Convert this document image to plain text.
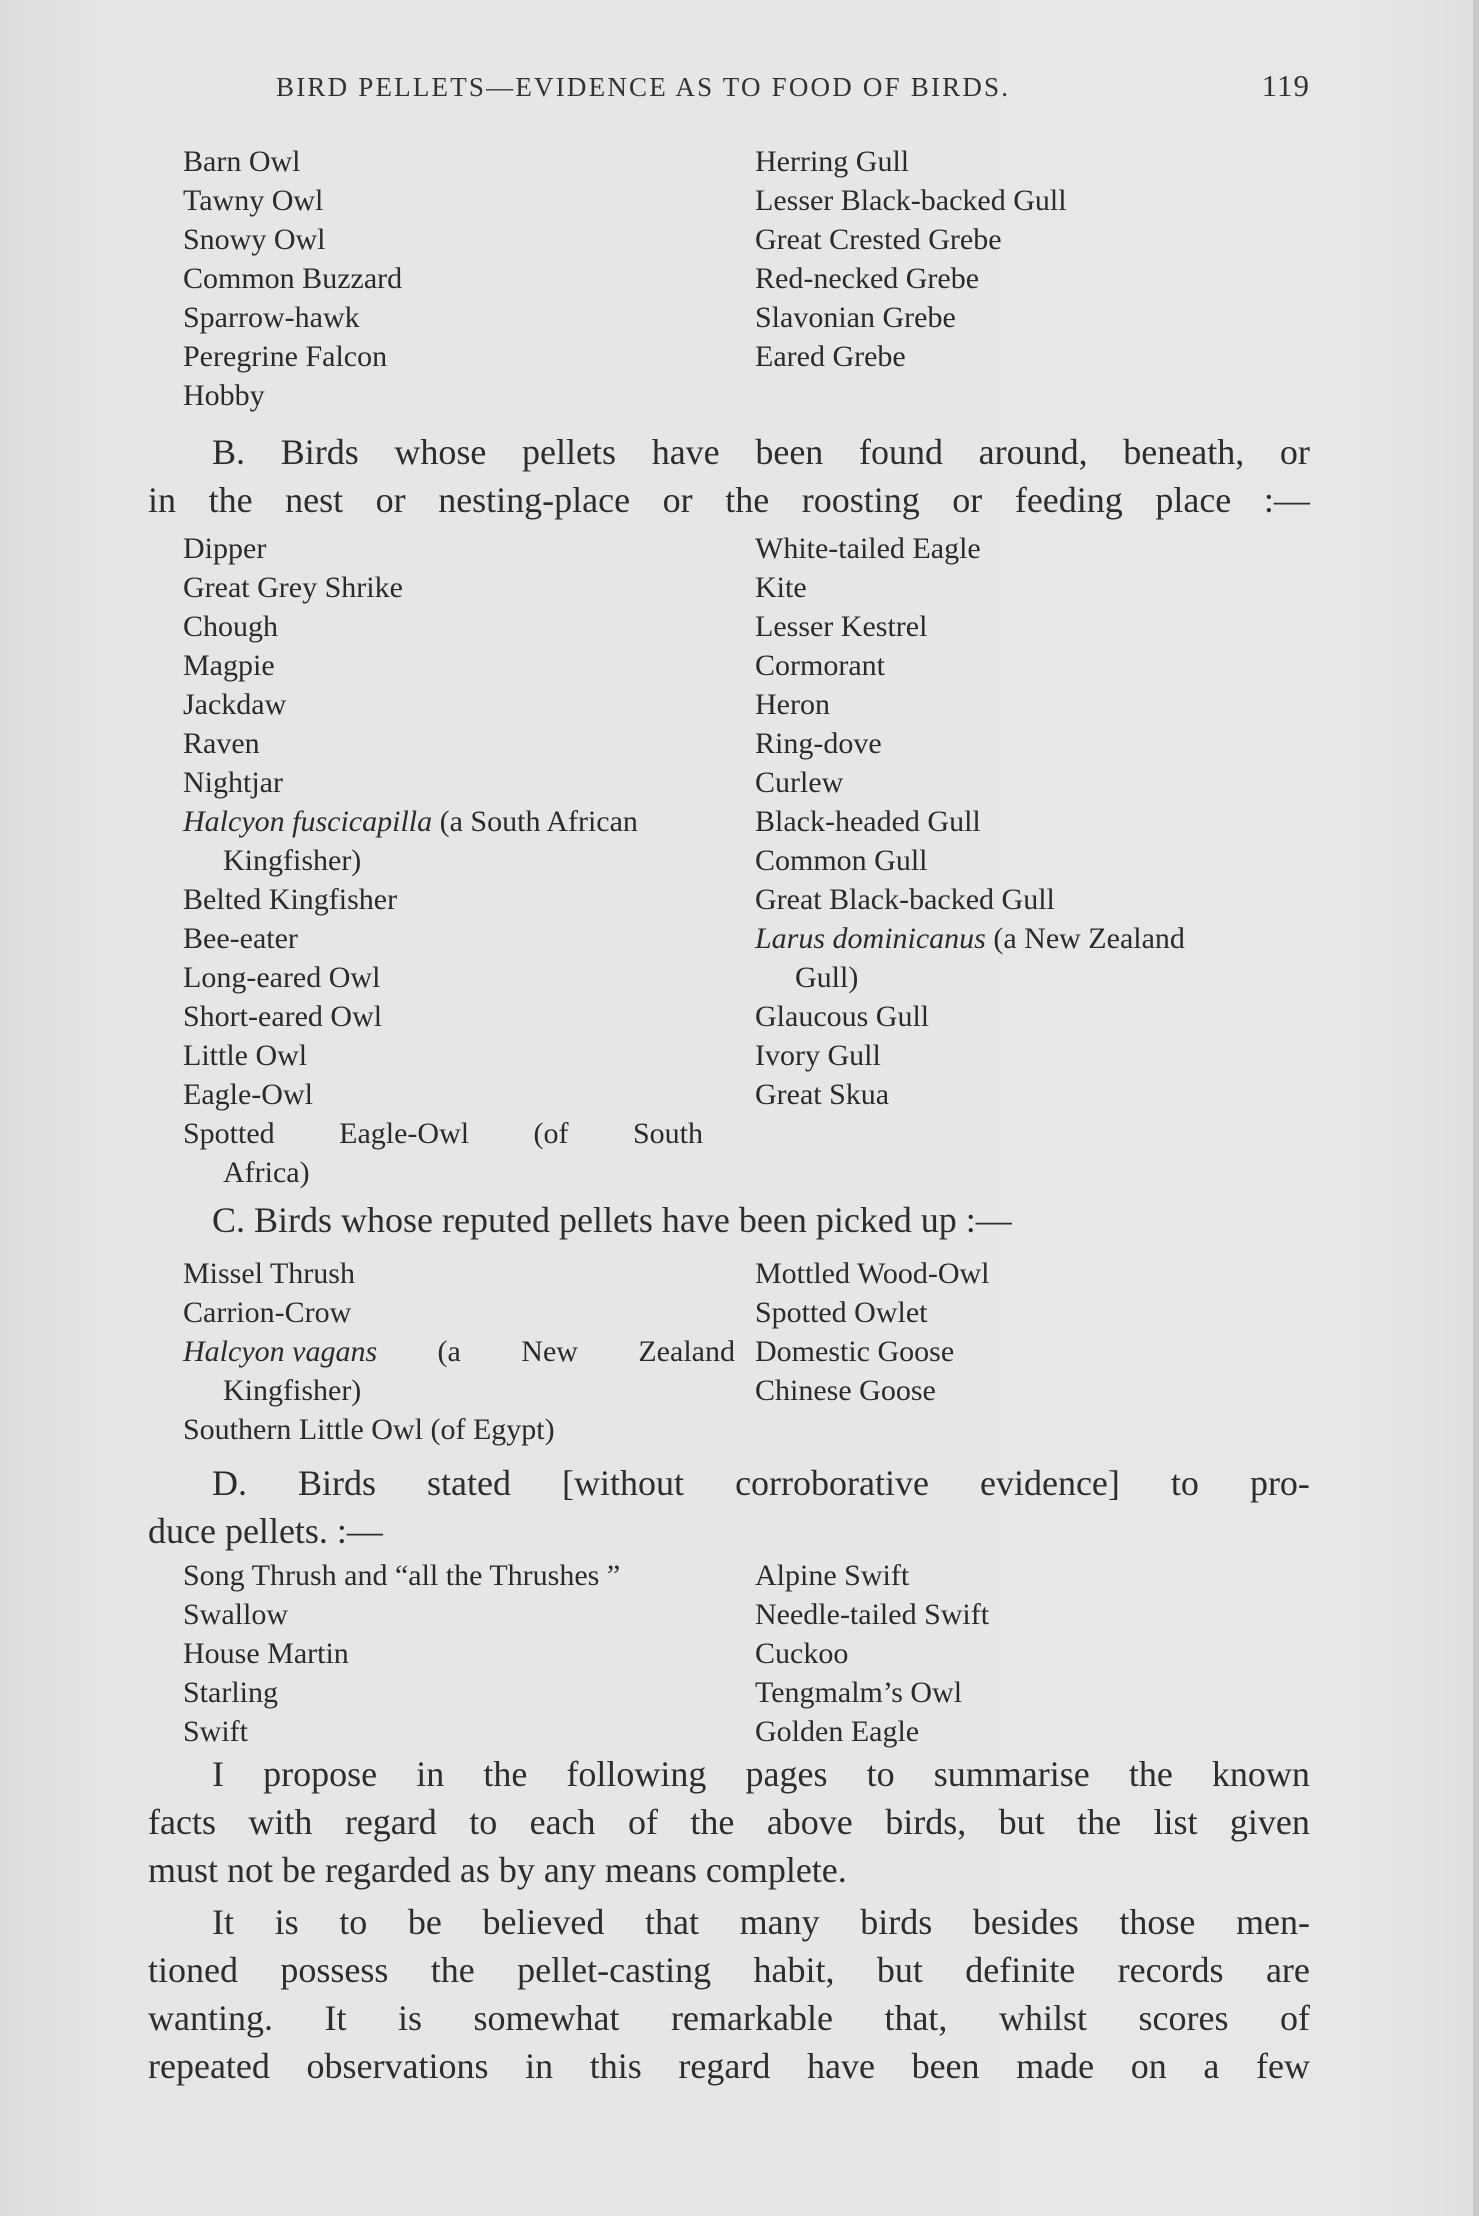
BIRD PELLETS—EVIDENCE AS TO FOOD OF BIRDS.	119
Barn Owl
Tawny Owl
Snowy Owl
Common Buzzard
Sparrow-hawk
Peregrine Falcon
Hobby
Herring Gull
Lesser Black-backed Gull
Great Crested Grebe
Red-necked Grebe
Slavonian Grebe
Eared Grebe
B. Birds whose pellets have been found around, beneath, or
in the nest or nesting-place or the roosting or feeding place :—
Dipper
Great Grey Shrike
Chough
Magpie
Jackdaw
Raven
Nightjar
Halcyon fuscicapilla (a South African
Kingfisher)
Belted Kingfisher
Bee-eater
Long-eared Owl
Short-eared Owl
Little Owl
Eagle-Owl
Spotted Eagle-Owl (of South
Africa)
White-tailed Eagle
Kite
Lesser Kestrel
Cormorant
Heron
Ring-dove
Curlew
Black-headed Gull
Common Gull
Great Black-backed Gull
Larus dominicanus (a New Zealand
Gull)
Glaucous Gull
Ivory Gull
Great Skua
C. Birds whose reputed pellets have been picked up :—
Missel Thrush
Carrion-Crow
Halcyon vagans (a New Zealand
Kingfisher)
Southern Little Owl (of Egypt)
Mottled Wood-Owl
Spotted Owlet
Domestic Goose
Chinese Goose
D. Birds stated [without corroborative evidence] to pro-
duce pellets. :—
Song Thrush and “all the Thrushes ”
Swallow
House Martin
Starling
Swift
Alpine Swift
Needle-tailed Swift
Cuckoo
Tengmalm’s Owl
Golden Eagle
I propose in the following pages to summarise the known
facts with regard to each of the above birds, but the list given
must not be regarded as by any means complete.
It is to be believed that many birds besides those men-
tioned possess the pellet-casting habit, but definite records are
wanting. It is somewhat remarkable that, whilst scores of
repeated observations in this regard have been made on a few
